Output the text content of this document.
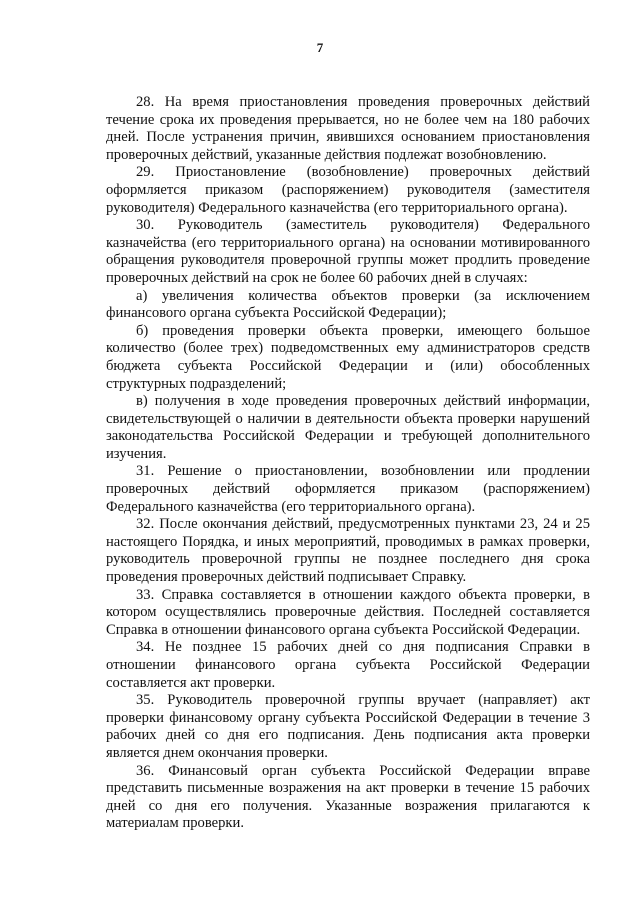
7

28. На время приостановления проведения проверочных действий течение срока их проведения прерывается, но не более чем на 180 рабочих дней. После устранения причин, явившихся основанием приостановления проверочных действий, указанные действия подлежат возобновлению.

29. Приостановление (возобновление) проверочных действий оформляется приказом (распоряжением) руководителя (заместителя руководителя) Федерального казначейства (его территориального органа).

30. Руководитель (заместитель руководителя) Федерального казначейства (его территориального органа) на основании мотивированного обращения руководителя проверочной группы может продлить проведение проверочных действий на срок не более 60 рабочих дней в случаях:

а) увеличения количества объектов проверки (за исключением финансового органа субъекта Российской Федерации);

б) проведения проверки объекта проверки, имеющего большое количество (более трех) подведомственных ему администраторов средств бюджета субъекта Российской Федерации и (или) обособленных структурных подразделений;

в) получения в ходе проведения проверочных действий информации, свидетельствующей о наличии в деятельности объекта проверки нарушений законодательства Российской Федерации и требующей дополнительного изучения.

31. Решение о приостановлении, возобновлении или продлении проверочных действий оформляется приказом (распоряжением) Федерального казначейства (его территориального органа).

32. После окончания действий, предусмотренных пунктами 23, 24 и 25 настоящего Порядка, и иных мероприятий, проводимых в рамках проверки, руководитель проверочной группы не позднее последнего дня срока проведения проверочных действий подписывает Справку.

33. Справка составляется в отношении каждого объекта проверки, в котором осуществлялись проверочные действия. Последней составляется Справка в отношении финансового органа субъекта Российской Федерации.

34. Не позднее 15 рабочих дней со дня подписания Справки в отношении финансового органа субъекта Российской Федерации составляется акт проверки.

35. Руководитель проверочной группы вручает (направляет) акт проверки финансовому органу субъекта Российской Федерации в течение 3 рабочих дней со дня его подписания. День подписания акта проверки является днем окончания проверки.

36. Финансовый орган субъекта Российской Федерации вправе представить письменные возражения на акт проверки в течение 15 рабочих дней со дня его получения. Указанные возражения прилагаются к материалам проверки.
